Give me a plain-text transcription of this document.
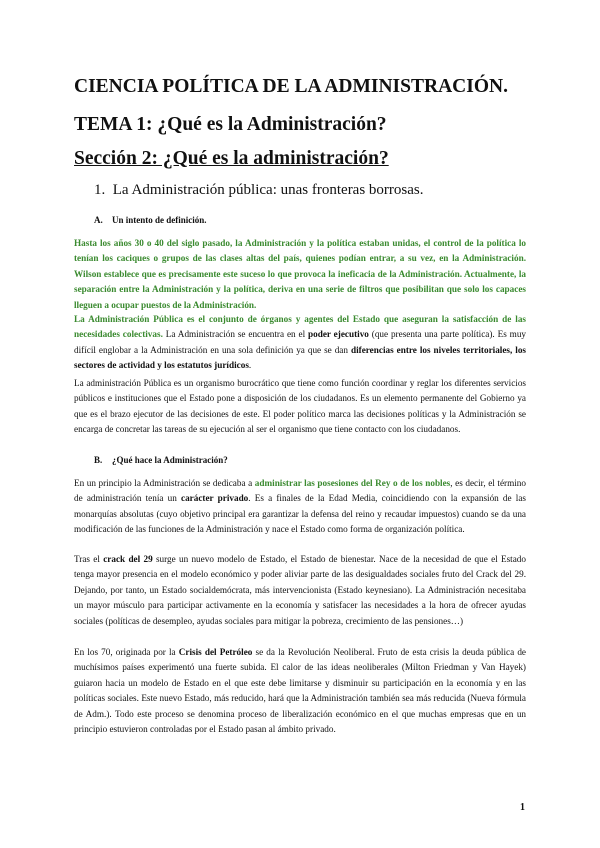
CIENCIA POLÍTICA DE LA ADMINISTRACIÓN.
TEMA 1: ¿Qué es la Administración?
Sección 2: ¿Qué es la administración?
1. La Administración pública: unas fronteras borrosas.
A. Un intento de definición.
Hasta los años 30 o 40 del siglo pasado, la Administración y la política estaban unidas, el control de la política lo tenían los caciques o grupos de las clases altas del país, quienes podían entrar, a su vez, en la Administración. Wilson establece que es precisamente este suceso lo que provoca la ineficacia de la Administración. Actualmente, la separación entre la Administración y la política, deriva en una serie de filtros que posibilitan que solo los capaces lleguen a ocupar puestos de la Administración.
La Administración Pública es el conjunto de órganos y agentes del Estado que aseguran la satisfacción de las necesidades colectivas. La Administración se encuentra en el poder ejecutivo (que presenta una parte política). Es muy difícil englobar a la Administración en una sola definición ya que se dan diferencias entre los niveles territoriales, los sectores de actividad y los estatutos jurídicos.
La administración Pública es un organismo burocrático que tiene como función coordinar y reglar los diferentes servicios públicos e instituciones que el Estado pone a disposición de los ciudadanos. Es un elemento permanente del Gobierno ya que es el brazo ejecutor de las decisiones de este. El poder político marca las decisiones políticas y la Administración se encarga de concretar las tareas de su ejecución al ser el organismo que tiene contacto con los ciudadanos.
B. ¿Qué hace la Administración?
En un principio la Administración se dedicaba a administrar las posesiones del Rey o de los nobles, es decir, el término de administración tenía un carácter privado. Es a finales de la Edad Media, coincidiendo con la expansión de las monarquías absolutas (cuyo objetivo principal era garantizar la defensa del reino y recaudar impuestos) cuando se da una modificación de las funciones de la Administración y nace el Estado como forma de organización política.
Tras el crack del 29 surge un nuevo modelo de Estado, el Estado de bienestar. Nace de la necesidad de que el Estado tenga mayor presencia en el modelo económico y poder aliviar parte de las desigualdades sociales fruto del Crack del 29. Dejando, por tanto, un Estado socialdemócrata, más intervencionista (Estado keynesiano). La Administración necesitaba un mayor músculo para participar activamente en la economía y satisfacer las necesidades a la hora de ofrecer ayudas sociales (políticas de desempleo, ayudas sociales para mitigar la pobreza, crecimiento de las pensiones…)
En los 70, originada por la Crisis del Petróleo se da la Revolución Neoliberal. Fruto de esta crisis la deuda pública de muchísimos países experimentó una fuerte subida. El calor de las ideas neoliberales (Milton Friedman y Van Hayek) guiaron hacia un modelo de Estado en el que este debe limitarse y disminuir su participación en la economía y en las políticas sociales. Este nuevo Estado, más reducido, hará que la Administración también sea más reducida (Nueva fórmula de Adm.). Todo este proceso se denomina proceso de liberalización económico en el que muchas empresas que en un principio estuvieron controladas por el Estado pasan al ámbito privado.
1
